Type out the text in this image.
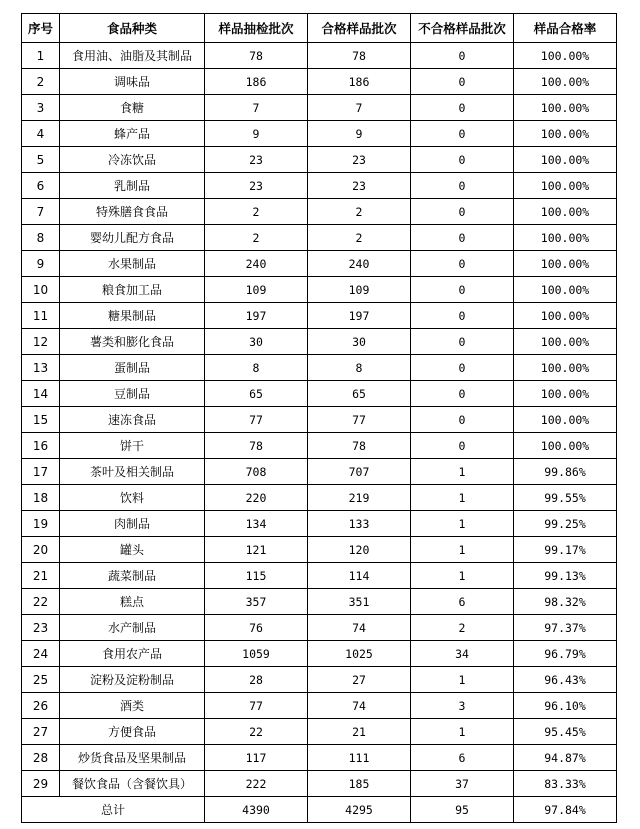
序号	食品种类	样品抽检批次	合格样品批次	不合格样品批次	样品合格率
1	食用油、油脂及其制品	78	78	0	100.00%
2	调味品	186	186	0	100.00%
3	食糖	7	7	0	100.00%
4	蜂产品	9	9	0	100.00%
5	冷冻饮品	23	23	0	100.00%
6	乳制品	23	23	0	100.00%
7	特殊膳食食品	2	2	0	100.00%
8	婴幼儿配方食品	2	2	0	100.00%
9	水果制品	240	240	0	100.00%
10	粮食加工品	109	109	0	100.00%
11	糖果制品	197	197	0	100.00%
12	薯类和膨化食品	30	30	0	100.00%
13	蛋制品	8	8	0	100.00%
14	豆制品	65	65	0	100.00%
15	速冻食品	77	77	0	100.00%
16	饼干	78	78	0	100.00%
17	茶叶及相关制品	708	707	1	99.86%
18	饮料	220	219	1	99.55%
19	肉制品	134	133	1	99.25%
20	罐头	121	120	1	99.17%
21	蔬菜制品	115	114	1	99.13%
22	糕点	357	351	6	98.32%
23	水产制品	76	74	2	97.37%
24	食用农产品	1059	1025	34	96.79%
25	淀粉及淀粉制品	28	27	1	96.43%
26	酒类	77	74	3	96.10%
27	方便食品	22	21	1	95.45%
28	炒货食品及坚果制品	117	111	6	94.87%
29	餐饮食品（含餐饮具）	222	185	37	83.33%
总计		4390	4295	95	97.84%
